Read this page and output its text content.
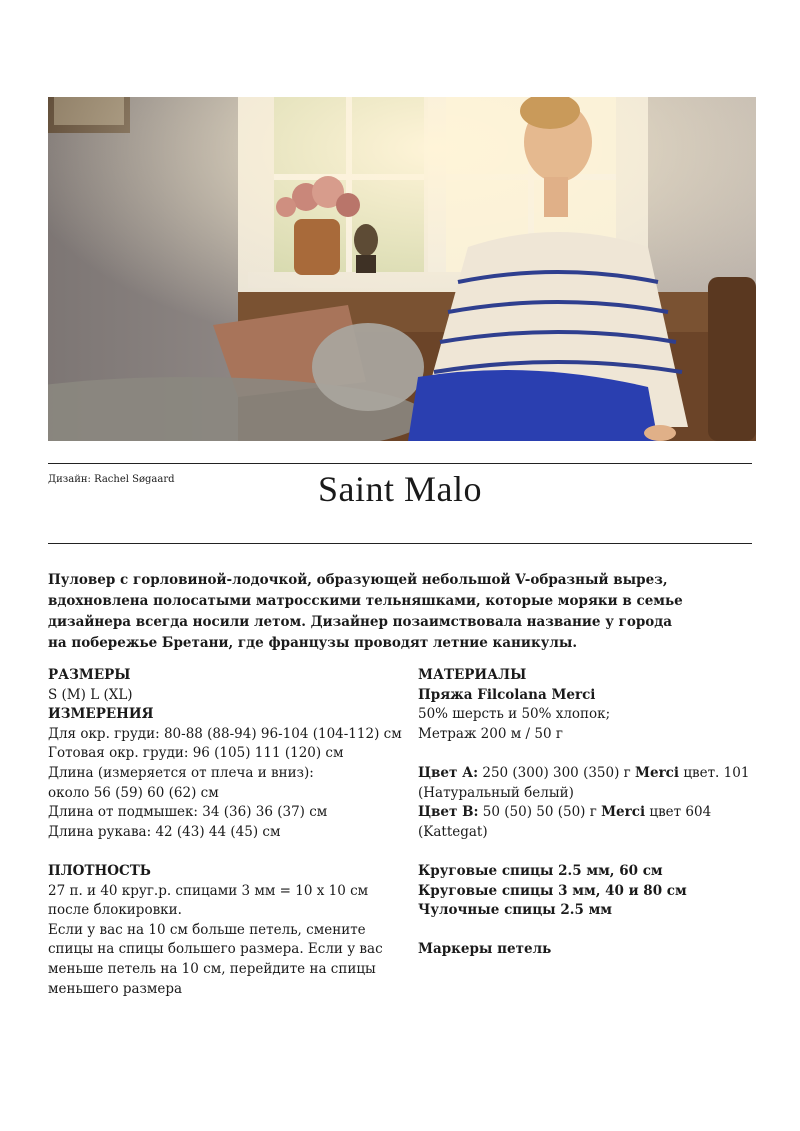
Дизайн: Rachel Søgaard	Saint Malo
Пуловер с горловиной-лодочкой, образующей небольшой V-образный вырез, вдохновлена полосатыми матросскими тельняшками, которые моряки в семье дизайнера всегда носили летом. Дизайнер позаимствовала название у города на побережье Бретани, где французы проводят летние каникулы.

РАЗМЕРЫ

S (M) L (XL)

ИЗМЕРЕНИЯ

Для окр. груди: 80-88 (88-94) 96-104 (104-112) см

Готовая окр. груди: 96 (105) 111 (120) см

Длина (измеряется от плеча и вниз):

около 56 (59) 60 (62) см

Длина от подмышек: 34 (36) 36 (37) см

Длина рукава: 42 (43) 44 (45) см

ПЛОТНОСТЬ

27 п. и 40 круг.р. спицами 3 мм = 10 х 10 см после блокировки.

Если у вас на 10 см больше петель, смените спицы на спицы большего размера. Если у вас меньше петель на 10 см, перейдите на спицы меньшего размера

МАТЕРИАЛЫ

Пряжа Filcolana Merci

50% шерсть и 50% хлопок;

Метраж 200 м / 50 г

Цвет А: 250 (300) 300 (350) г Merci цвет. 101 (Натуральный белый)

Цвет В: 50 (50) 50 (50) г Merci цвет 604 (Kattegat)

Круговые спицы 2.5 мм, 60 см

Круговые спицы 3 мм, 40 и 80 см

Чулочные спицы 2.5 мм

Маркеры петель
